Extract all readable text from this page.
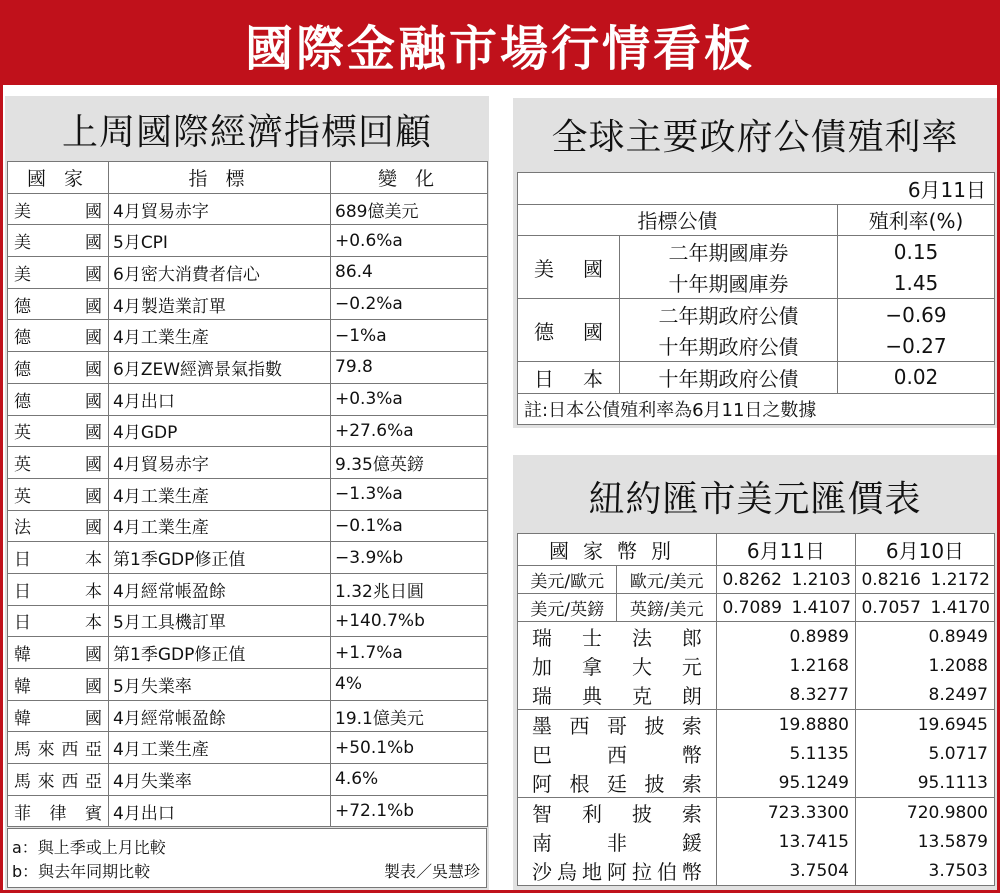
國際金融市場行情看板
上周國際經濟指標回顧
國 家	指 標	變 化
美國	4月貿易赤字	689億美元
美國	5月CPI	+0.6%a
美國	6月密大消費者信心	86.4
德國	4月製造業訂單	−0.2%a
德國	4月工業生產	−1%a
德國	6月ZEW經濟景氣指數	79.8
德國	4月出口	+0.3%a
英國	4月GDP	+27.6%a
英國	4月貿易赤字	9.35億英鎊
英國	4月工業生產	−1.3%a
法國	4月工業生產	−0.1%a
日本	第1季GDP修正值	−3.9%b
日本	4月經常帳盈餘	1.32兆日圓
日本	5月工具機訂單	+140.7%b
韓國	第1季GDP修正值	+1.7%a
韓國	5月失業率	4%
韓國	4月經常帳盈餘	19.1億美元
馬來西亞	4月工業生產	+50.1%b
馬來西亞	4月失業率	4.6%
菲律賓	4月出口	+72.1%b
a：與上季或上月比較
b：與去年同期比較	製表／吳慧珍
全球主要政府公債殖利率
6月11日		
指標公債		殖利率(%)
美國	二年期國庫券	0.15
	十年期國庫券	1.45
德國	二年期政府公債	−0.69
	十年期政府公債	−0.27
日本	十年期政府公債	0.02
註:日本公債殖利率為6月11日之數據		
紐約匯市美元匯價表
國家幣別		6月11日		6月10日	
美元/歐元	歐元/美元	0.8262	1.2103	0.8216	1.2172
美元/英鎊	英鎊/美元	0.7089	1.4107	0.7057	1.4170
瑞士法郎		0.8989		0.8949	
加拿大元		1.2168		1.2088	
瑞典克朗		8.3277		8.2497	
墨西哥披索		19.8880		19.6945	
巴西幣		5.1135		5.0717	
阿根廷披索		95.1249		95.1113	
智利披索		723.3300		720.9800	
南非鍰		13.7415		13.5879	
沙烏地阿拉伯幣		3.7504		3.7503	
